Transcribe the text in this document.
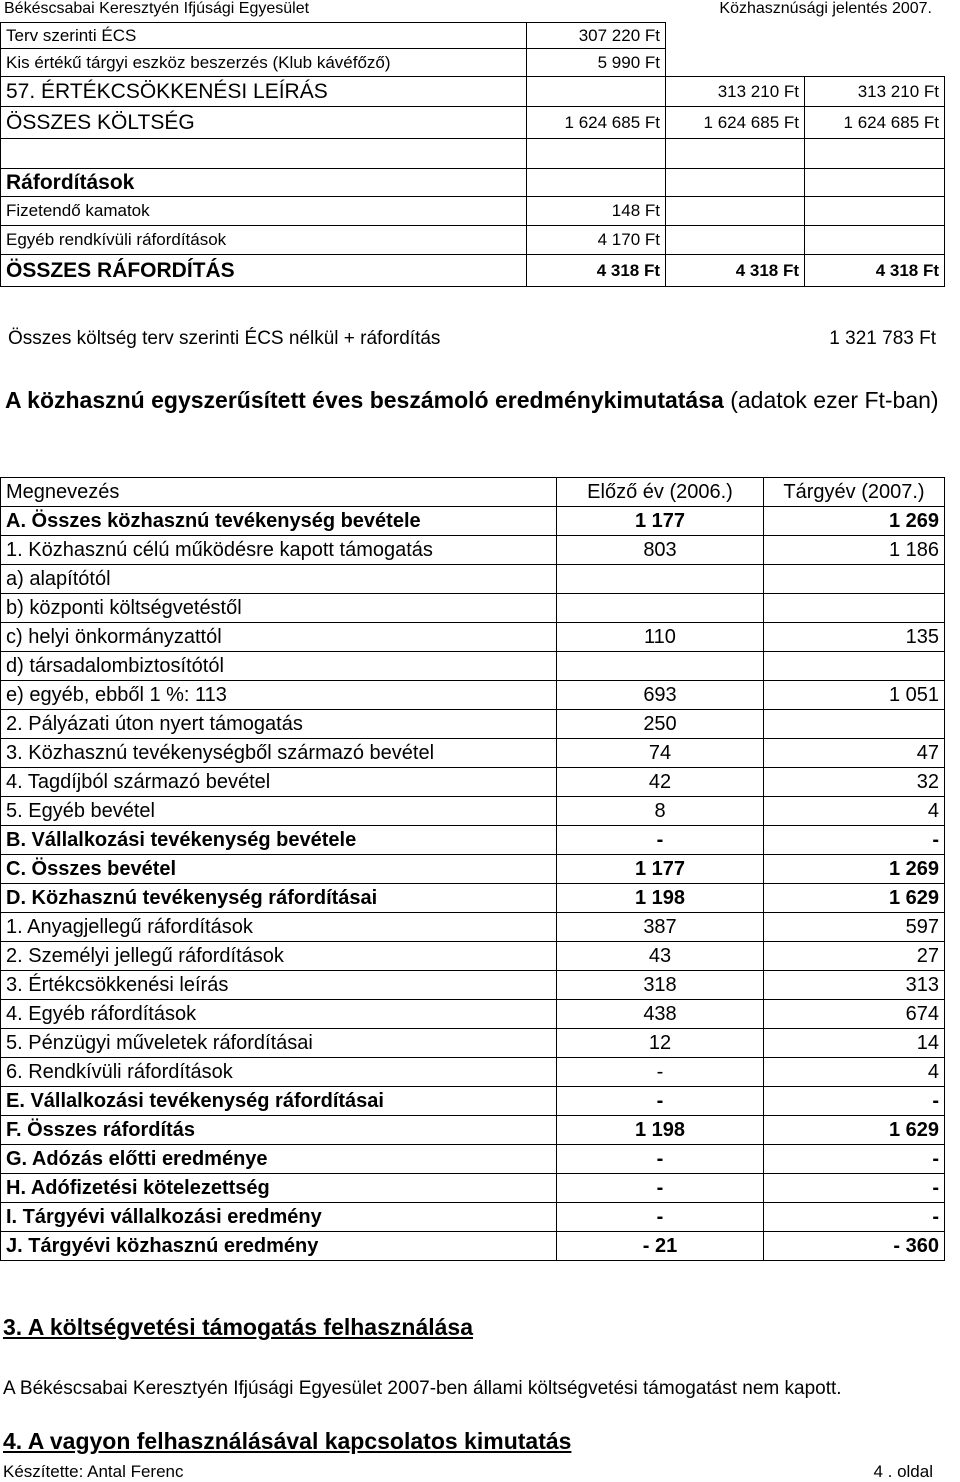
Békéscsabai Keresztyén Ifjúsági Egyesület	Közhasznúsági jelentés 2007.
Terv szerinti ÉCS	307 220 Ft		
Kis értékű tárgyi eszköz beszerzés (Klub kávéfőző)	5 990 Ft		
57. ÉRTÉKCSÖKKENÉSI LEÍRÁS		313 210 Ft	313 210 Ft
ÖSSZES KÖLTSÉG	1 624 685 Ft	1 624 685 Ft	1 624 685 Ft

Ráfordítások			
Fizetendő kamatok	148 Ft		
Egyéb rendkívüli ráfordítások	4 170 Ft		
ÖSSZES RÁFORDÍTÁS	4 318 Ft	4 318 Ft	4 318 Ft
Összes költség terv szerinti ÉCS nélkül + ráfordítás	1 321 783 Ft
A közhasznú egyszerűsített éves beszámoló eredménykimutatása (adatok ezer Ft-ban)
Megnevezés	Előző év (2006.)	Tárgyév (2007.)
A. Összes közhasznú tevékenység bevétele	1 177	1 269
1. Közhasznú célú működésre kapott támogatás	803	1 186
a) alapítótól		
b) központi költségvetéstől		
c) helyi önkormányzattól	110	135
d) társadalombiztosítótól		
e) egyéb, ebből 1 %: 113	693	1 051
2. Pályázati úton nyert támogatás	250	
3. Közhasznú tevékenységből származó bevétel	74	47
4. Tagdíjból származó bevétel	42	32
5. Egyéb bevétel	8	4
B. Vállalkozási tevékenység bevétele	-	-
C. Összes bevétel	1 177	1 269
D. Közhasznú tevékenység ráfordításai	1 198	1 629
1. Anyagjellegű ráfordítások	387	597
2. Személyi jellegű ráfordítások	43	27
3. Értékcsökkenési leírás	318	313
4. Egyéb ráfordítások	438	674
5. Pénzügyi műveletek ráfordításai	12	14
6. Rendkívüli ráfordítások	-	4
E. Vállalkozási tevékenység ráfordításai	-	-
F. Összes ráfordítás	1 198	1 629
G. Adózás előtti eredménye	-	-
H. Adófizetési kötelezettség	-	-
I. Tárgyévi vállalkozási eredmény	-	-
J. Tárgyévi közhasznú eredmény	- 21	- 360
3. A költségvetési támogatás felhasználása
A Békéscsabai Keresztyén Ifjúsági Egyesület 2007-ben állami költségvetési támogatást nem kapott.
4. A vagyon felhasználásával kapcsolatos kimutatás
Készítette: Antal Ferenc	4 . oldal
